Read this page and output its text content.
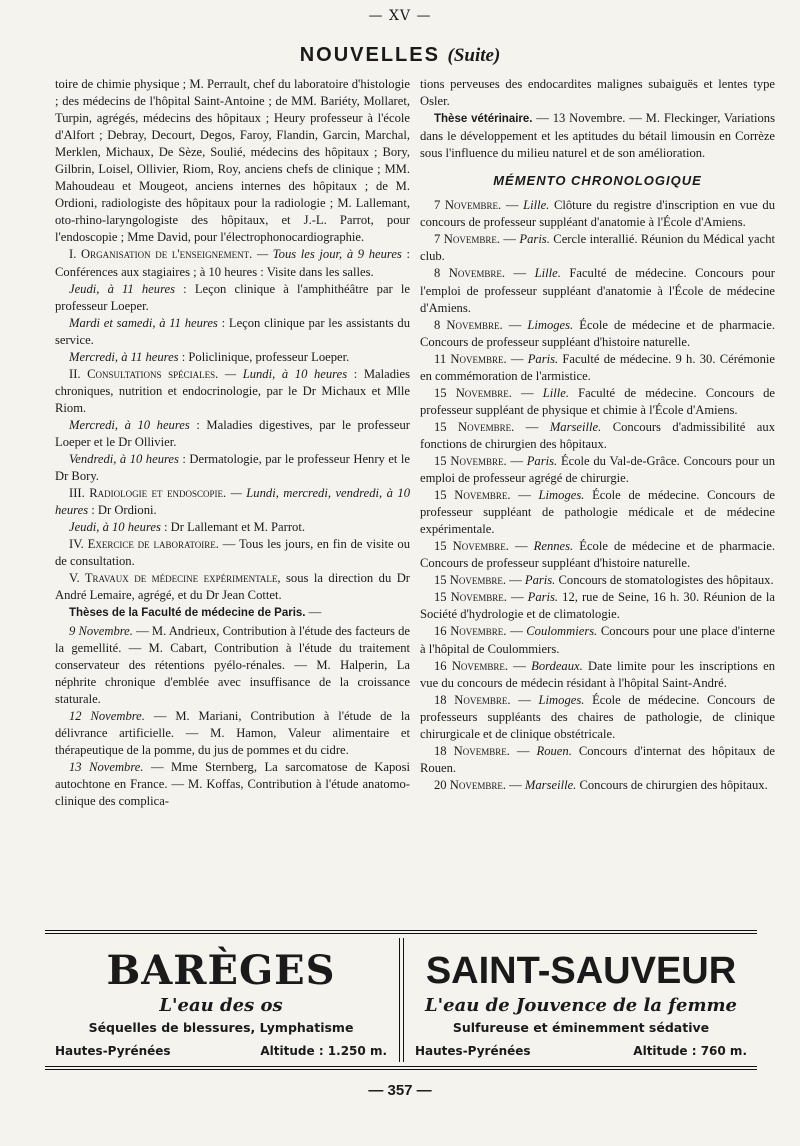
— XV —
NOUVELLES (Suite)

toire de chimie physique ; M. Perrault, chef du laboratoire d'histologie ; des médecins de l'hôpital Saint-Antoine ; de MM. Bariéty, Mollaret, Turpin, agrégés, médecins des hôpitaux ; Heury professeur à l'école d'Alfort ; Debray, Decourt, Degos, Faroy, Flandin, Garcin, Marchal, Merklen, Michaux, De Sèze, Soulié, médecins des hôpitaux ; Bory, Gilbrin, Loisel, Ollivier, Riom, Roy, anciens chefs de clinique ; MM. Mahoudeau et Mougeot, anciens internes des hôpitaux ; de M. Ordioni, radiologiste des hôpitaux pour la radiologie ; M. Lallemant, oto-rhino-laryngologiste des hôpitaux, et J.-L. Parrot, pour l'endoscopie ; Mme David, pour l'électrophonocardiographie.

I. Organisation de l'enseignement. — Tous les jour, à 9 heures : Conférences aux stagiaires ; à 10 heures : Visite dans les salles.

Jeudi, à 11 heures : Leçon clinique à l'amphithéâtre par le professeur Loeper.

Mardi et samedi, à 11 heures : Leçon clinique par les assistants du service.

Mercredi, à 11 heures : Policlinique, professeur Loeper.

II. Consultations spéciales. — Lundi, à 10 heures : Maladies chroniques, nutrition et endocrinologie, par le Dr Michaux et Mlle Riom.

Mercredi, à 10 heures : Maladies digestives, par le professeur Loeper et le Dr Ollivier.

Vendredi, à 10 heures : Dermatologie, par le professeur Henry et le Dr Bory.

III. Radiologie et endoscopie. — Lundi, mercredi, vendredi, à 10 heures : Dr Ordioni.

Jeudi, à 10 heures : Dr Lallemant et M. Parrot.

IV. Exercice de laboratoire. — Tous les jours, en fin de visite ou de consultation.

V. Travaux de médecine expérimentale, sous la direction du Dr André Lemaire, agrégé, et du Dr Jean Cottet.

Thèses de la Faculté de médecine de Paris. —

9 Novembre. — M. Andrieux, Contribution à l'étude des facteurs de la gemellité. — M. Cabart, Contribution à l'étude du traitement conservateur des rétentions pyélo-rénales. — M. Halperin, La néphrite chronique d'emblée avec insuffisance de la croissance staturale.

12 Novembre. — M. Mariani, Contribution à l'étude de la délivrance artificielle. — M. Hamon, Valeur alimentaire et thérapeutique de la pomme, du jus de pommes et du cidre.

13 Novembre. — Mme Sternberg, La sarcomatose de Kaposi autochtone en France. — M. Koffas, Contribution à l'étude anatomo-clinique des complica-

tions perveuses des endocardites malignes subaiguës et lentes type Osler.

Thèse vétérinaire. — 13 Novembre. — M. Fleckinger, Variations dans le développement et les aptitudes du bétail limousin en Corrèze sous l'influence du milieu naturel et de son amélioration.

MÉMENTO CHRONOLOGIQUE

7 Novembre. — Lille. Clôture du registre d'inscription en vue du concours de professeur suppléant d'anatomie à l'École d'Amiens.

7 Novembre. — Paris. Cercle interallié. Réunion du Médical yacht club.

8 Novembre. — Lille. Faculté de médecine. Concours pour l'emploi de professeur suppléant d'anatomie à l'École de médecine d'Amiens.

8 Novembre. — Limoges. École de médecine et de pharmacie. Concours de professeur suppléant d'histoire naturelle.

11 Novembre. — Paris. Faculté de médecine. 9 h. 30. Cérémonie en commémoration de l'armistice.

15 Novembre. — Lille. Faculté de médecine. Concours de professeur suppléant de physique et chimie à l'École d'Amiens.

15 Novembre. — Marseille. Concours d'admissibilité aux fonctions de chirurgien des hôpitaux.

15 Novembre. — Paris. École du Val-de-Grâce. Concours pour un emploi de professeur agrégé de chirurgie.

15 Novembre. — Limoges. École de médecine. Concours de professeur suppléant de pathologie médicale et de médecine expérimentale.

15 Novembre. — Rennes. École de médecine et de pharmacie. Concours de professeur suppléant d'histoire naturelle.

15 Novembre. — Paris. Concours de stomatologistes des hôpitaux.

15 Novembre. — Paris. 12, rue de Seine, 16 h. 30. Réunion de la Société d'hydrologie et de climatologie.

16 Novembre. — Coulommiers. Concours pour une place d'interne à l'hôpital de Coulommiers.

16 Novembre. — Bordeaux. Date limite pour les inscriptions en vue du concours de médecin résidant à l'hôpital Saint-André.

18 Novembre. — Limoges. École de médecine. Concours de professeurs suppléants des chaires de pathologie, de clinique chirurgicale et de clinique obstétricale.

18 Novembre. — Rouen. Concours d'internat des hôpitaux de Rouen.

20 Novembre. — Marseille. Concours de chirurgien des hôpitaux.

BARÈGES
L'eau des os
Séquelles de blessures, Lymphatisme
Hautes-Pyrénées	Altitude : 1.250 m.
SAINT-SAUVEUR
L'eau de Jouvence de la femme
Sulfureuse et éminemment sédative
Hautes-Pyrénées	Altitude : 760 m.
— 357 —
